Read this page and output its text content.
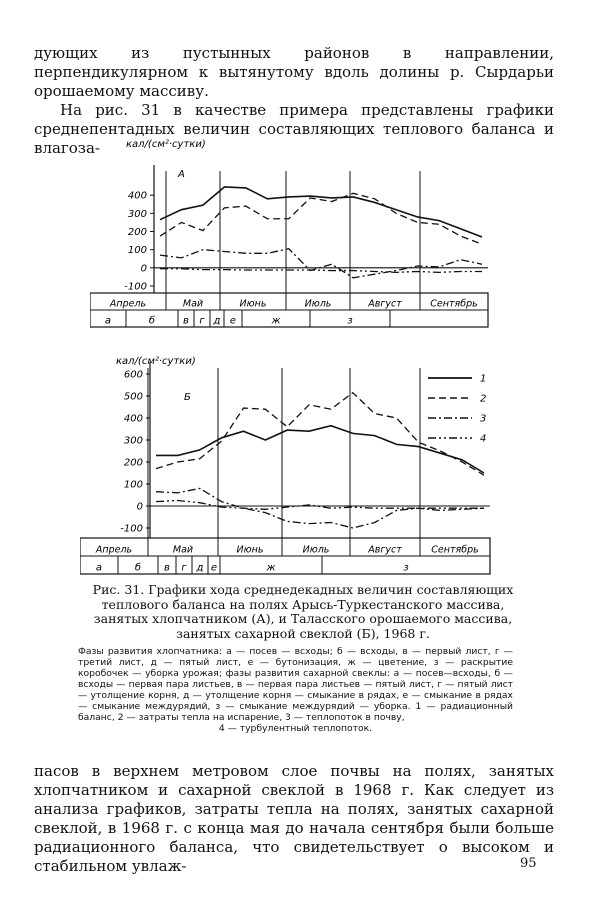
дующих из пустынных районов в направлении, перпендикулярном к вытянутому вдоль долины р. Сырдарьи орошаемому массиву.

На рис. 31 в качестве примера представлены графики среднепентадных величин составляющих теплового баланса и влагоза-	кал/(см²·сутки)
А
400
300
200
100
0
-100
Апрель	Май	Июнь	Июль	Август	Сентябрь
а	б	в г д е	ж	з
кал/(см²·сутки)
Б
600
500
400
300
200
100
0
-100
1
2
3
4
Апрель	Май	Июнь	Июль	Август	Сентябрь
а	б в г д е	ж	з
Рис. 31. Графики хода среднедекадных величин составляющих теплового баланса на полях Арысь-Туркестанского массива, занятых хлопчатником (А), и Таласского орошаемого массива, занятых сахарной свеклой (Б), 1968 г.
Фазы развития хлопчатника: а — посев — всходы; б — всходы, в — первый лист, г — третий лист, д — пятый лист, е — бутонизация, ж — цветение, з — раскрытие коробочек — уборка урожая; фазы развития сахарной свеклы: а — посев—всходы, б — всходы — первая пара листьев, в — первая пара листьев — пятый лист, г — пятый лист — утолщение корня, д — утолщение корня — смыкание в рядах, е — смыкание в рядах — смыкание междурядий, з — смыкание междурядий — уборка. 1 — радиационный баланс, 2 — затраты тепла на испарение, 3 — теплопоток в почву,
4 — турбулентный теплопоток.

пасов в верхнем метровом слое почвы на полях, занятых хлопчатником и сахарной свеклой в 1968 г. Как следует из анализа графиков, затраты тепла на полях, занятых сахарной свеклой, в 1968 г. с конца мая до начала сентября были больше радиационного баланса, что свидетельствует о высоком и стабильном увлаж-	95
